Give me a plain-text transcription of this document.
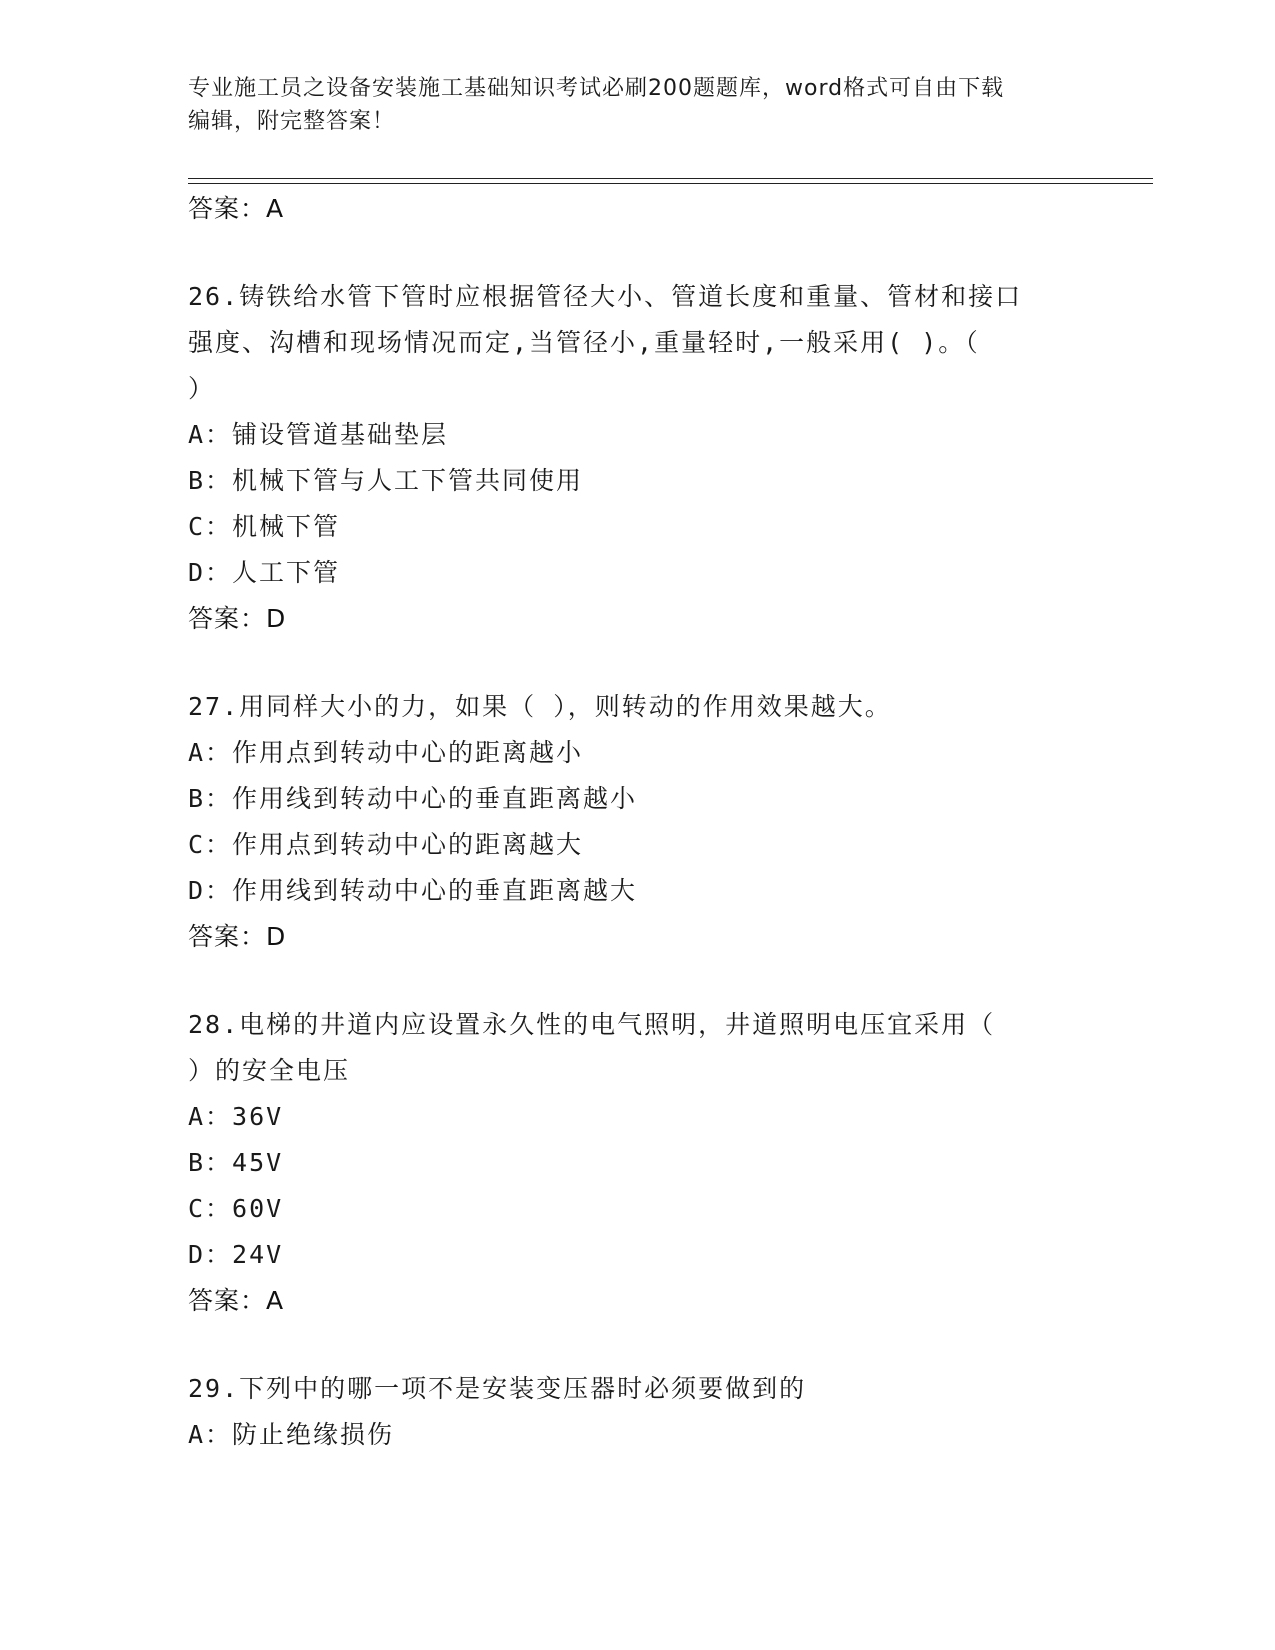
专业施工员之设备安装施工基础知识考试必刷200题题库，word格式可自由下载
编辑，附完整答案！
答案：A
26.铸铁给水管下管时应根据管径大小、管道长度和重量、管材和接口
强度、沟槽和现场情况而定,当管径小,重量轻时,一般采用( )。（
）
A：铺设管道基础垫层
B：机械下管与人工下管共同使用
C：机械下管
D：人工下管
答案：D
27.用同样大小的力，如果（ ），则转动的作用效果越大。
A：作用点到转动中心的距离越小
B：作用线到转动中心的垂直距离越小
C：作用点到转动中心的距离越大
D：作用线到转动中心的垂直距离越大
答案：D
28.电梯的井道内应设置永久性的电气照明，井道照明电压宜采用（
）的安全电压
A：36V
B：45V
C：60V
D：24V
答案：A
29.下列中的哪一项不是安装变压器时必须要做到的
A：防止绝缘损伤
